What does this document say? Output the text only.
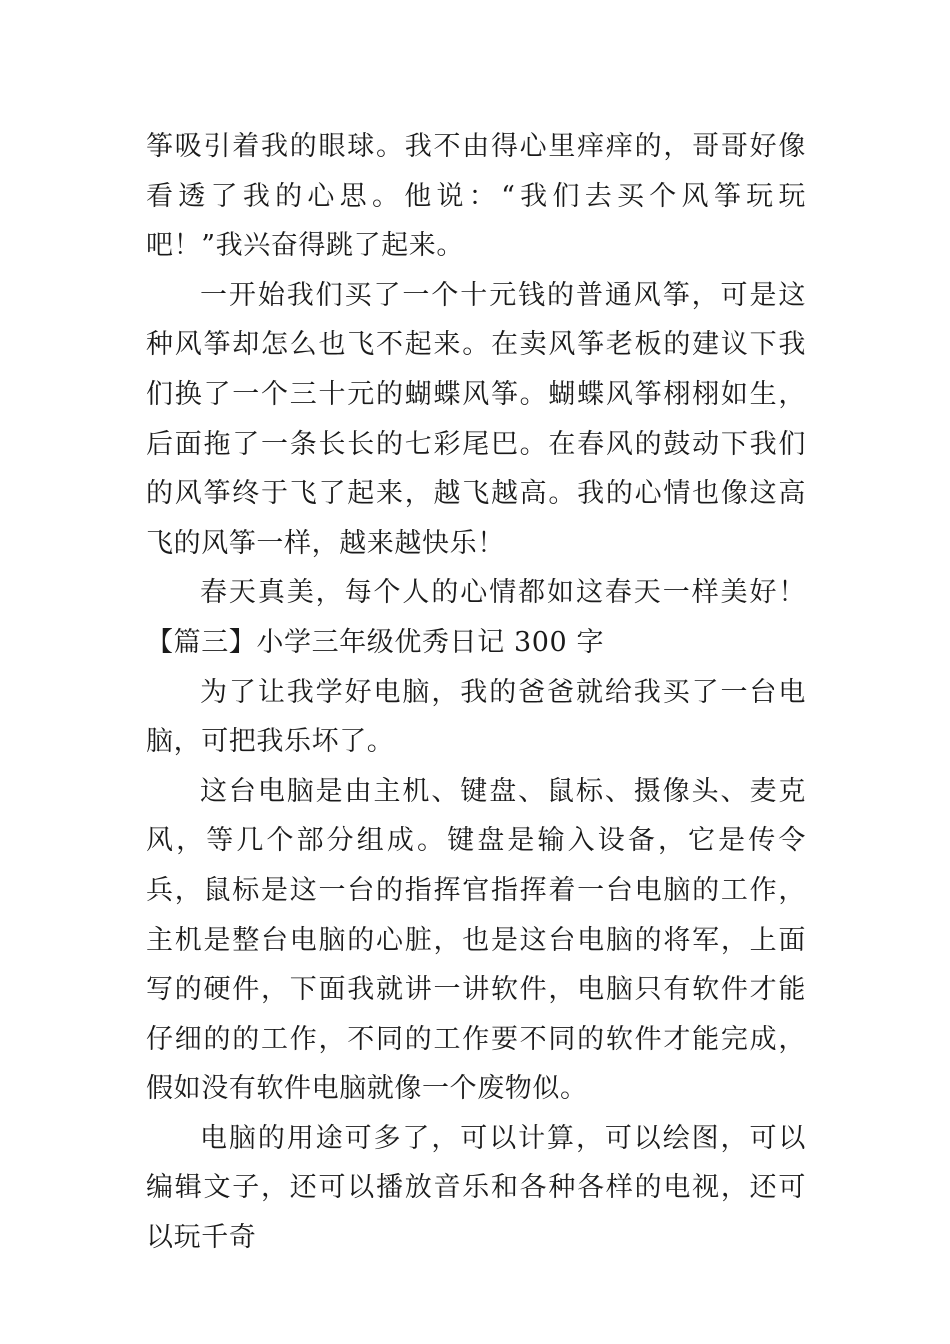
筝吸引着我的眼球。我不由得心里痒痒的，哥哥好像看透了我的心思。他说：“我们去买个风筝玩玩吧！”我兴奋得跳了起来。

一开始我们买了一个十元钱的普通风筝，可是这种风筝却怎么也飞不起来。在卖风筝老板的建议下我们换了一个三十元的蝴蝶风筝。蝴蝶风筝栩栩如生，后面拖了一条长长的七彩尾巴。在春风的鼓动下我们的风筝终于飞了起来，越飞越高。我的心情也像这高飞的风筝一样，越来越快乐！

春天真美，每个人的心情都如这春天一样美好！【篇三】小学三年级优秀日记 300 字

为了让我学好电脑，我的爸爸就给我买了一台电脑，可把我乐坏了。

这台电脑是由主机、键盘、鼠标、摄像头、麦克风，等几个部分组成。键盘是输入设备，它是传令兵，鼠标是这一台的指挥官指挥着一台电脑的工作，主机是整台电脑的心脏，也是这台电脑的将军，上面写的硬件，下面我就讲一讲软件，电脑只有软件才能仔细的的工作，不同的工作要不同的软件才能完成，假如没有软件电脑就像一个废物似。

电脑的用途可多了，可以计算，可以绘图，可以编辑文子，还可以播放音乐和各种各样的电视，还可以玩千奇
